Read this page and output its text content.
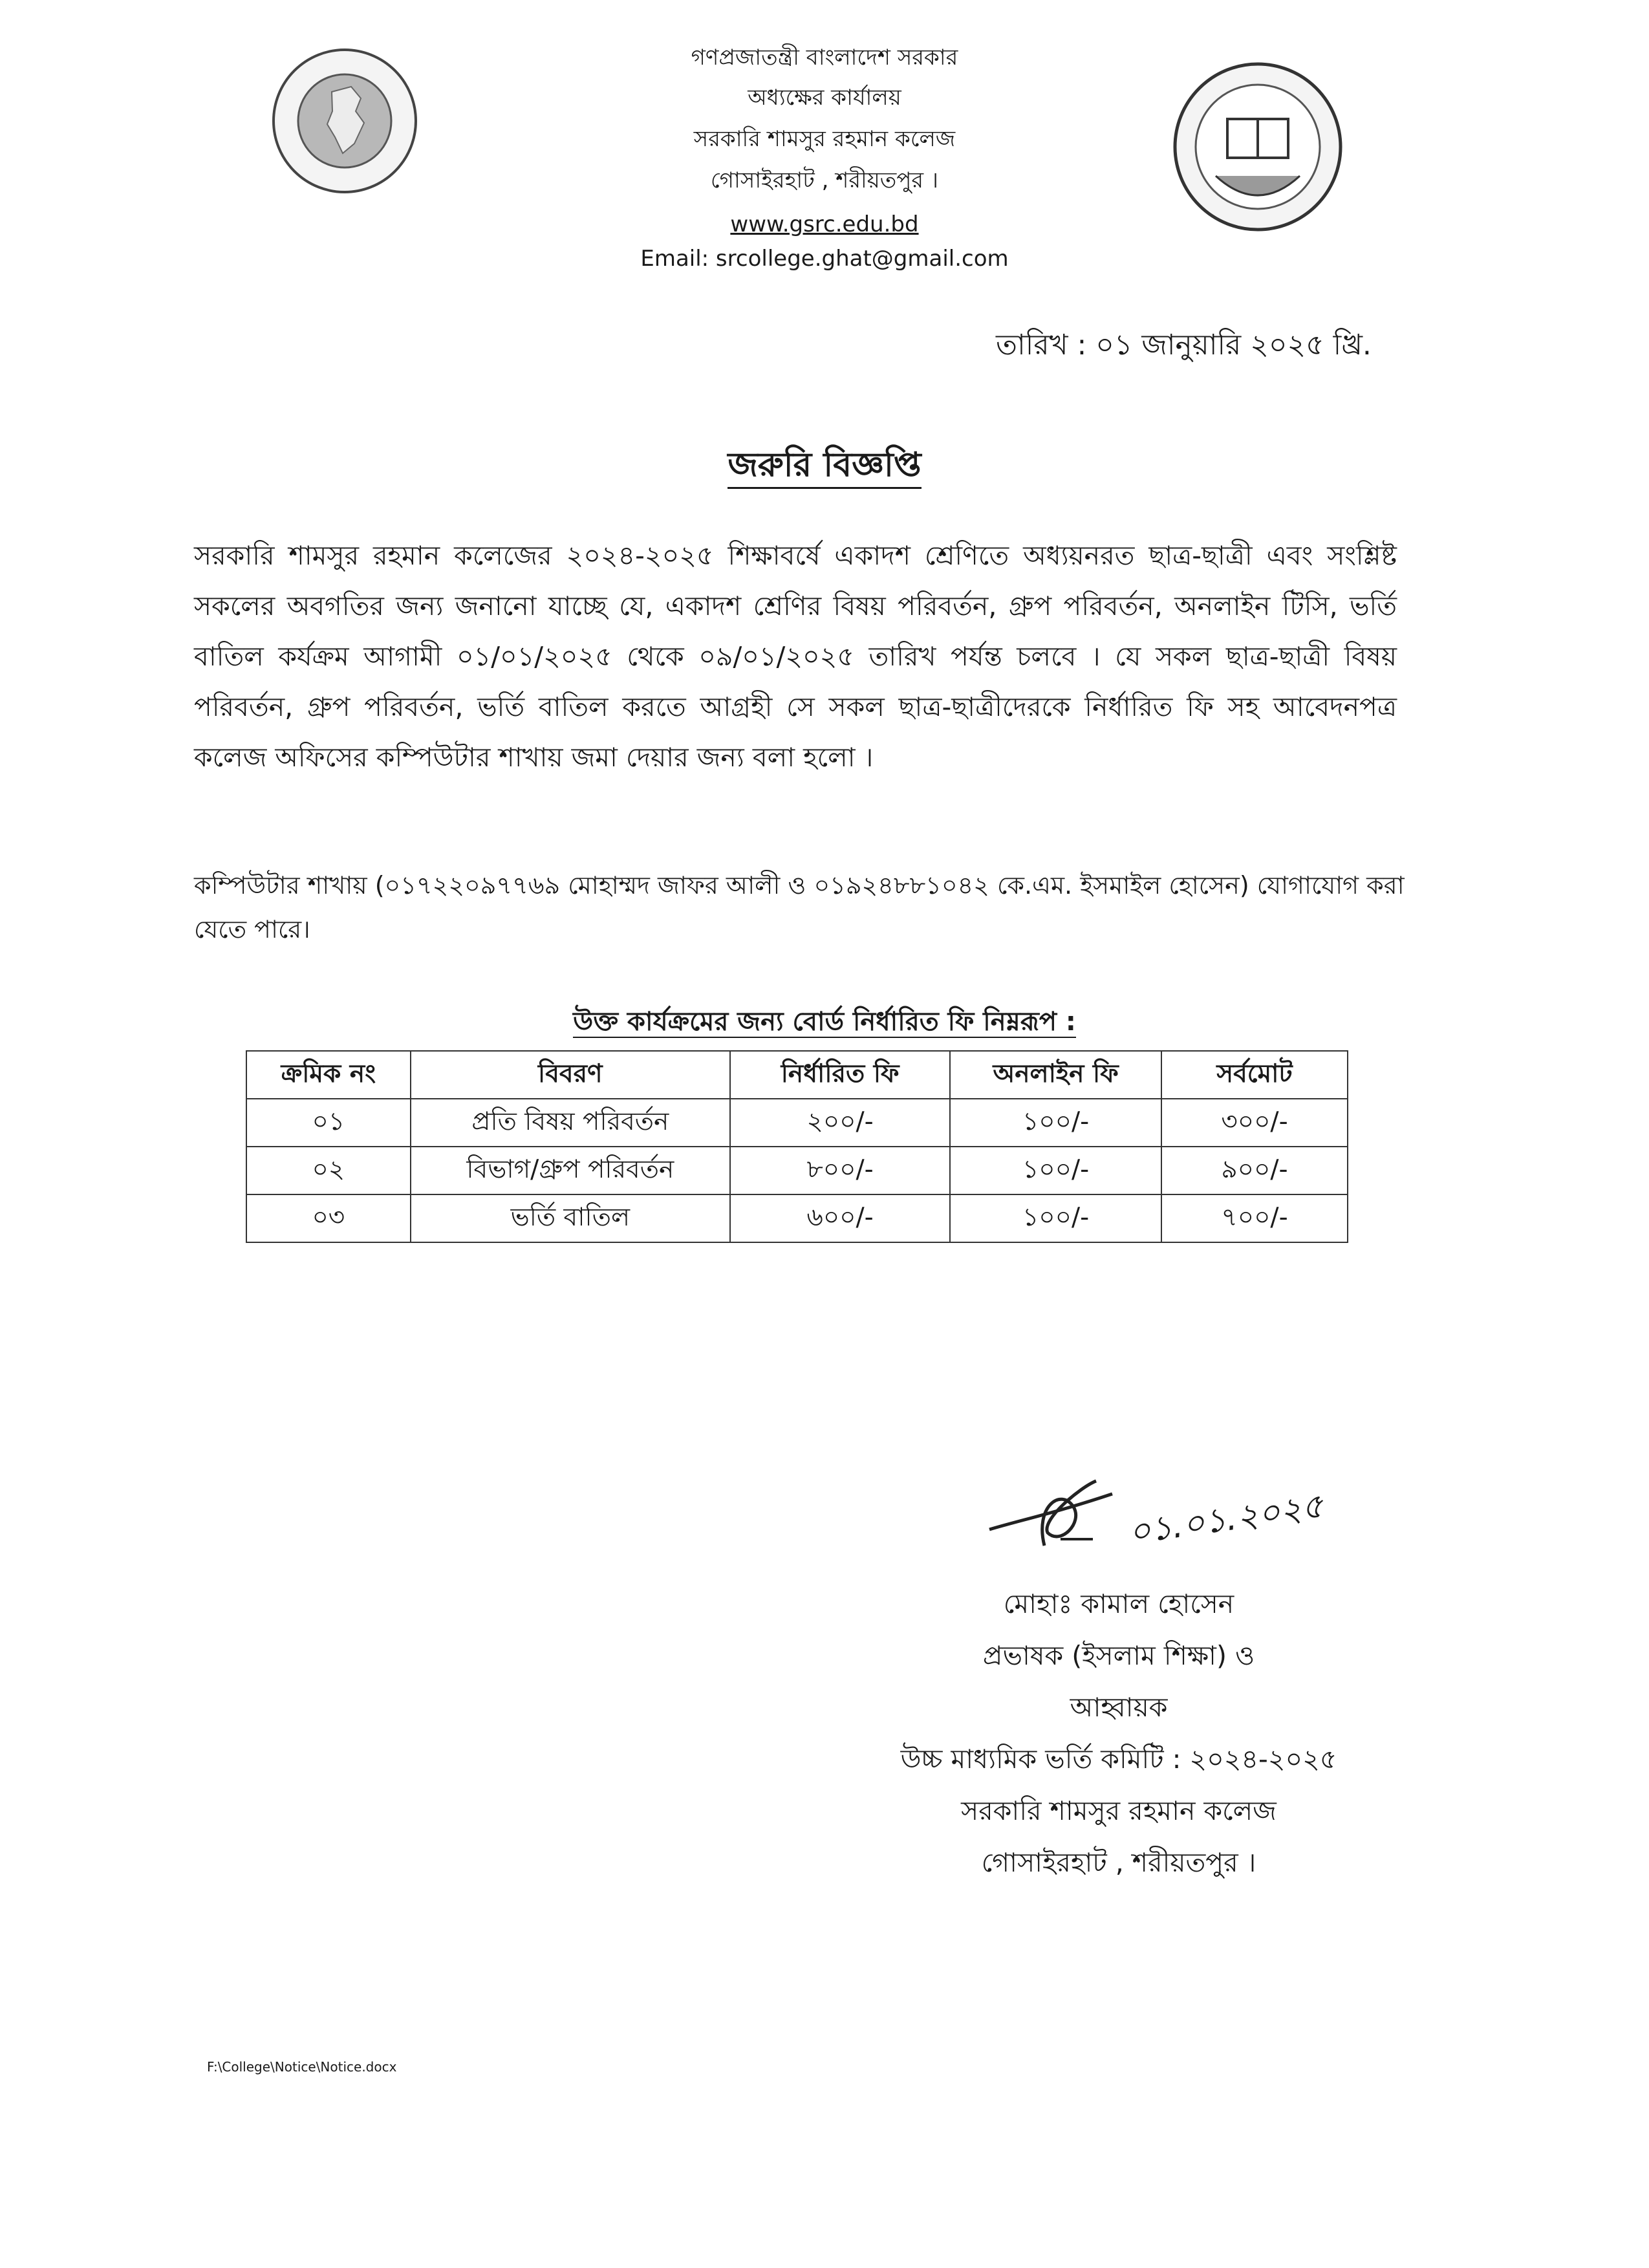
গণপ্রজাতন্ত্রী বাংলাদেশ সরকার
অধ্যক্ষের কার্যালয়
সরকারি শামসুর রহমান কলেজ
গোসাইরহাট , শরীয়তপুর ।
www.gsrc.edu.bd
Email: srcollege.ghat@gmail.com
তারিখ : ০১ জানুয়ারি ২০২৫ খ্রি.
জরুরি বিজ্ঞপ্তি
সরকারি শামসুর রহমান কলেজের ২০২৪-২০২৫ শিক্ষাবর্ষে একাদশ শ্রেণিতে অধ্যয়নরত ছাত্র-ছাত্রী এবং সংশ্লিষ্ট সকলের অবগতির জন্য জনানো যাচ্ছে যে, একাদশ শ্রেণির বিষয় পরিবর্তন, গ্রুপ পরিবর্তন, অনলাইন টিসি, ভর্তি বাতিল কর্যক্রম আগামী ০১/০১/২০২৫ থেকে ০৯/০১/২০২৫ তারিখ পর্যন্ত চলবে । যে সকল ছাত্র-ছাত্রী বিষয় পরিবর্তন, গ্রুপ পরিবর্তন, ভর্তি বাতিল করতে আগ্রহী সে সকল ছাত্র-ছাত্রীদেরকে নির্ধারিত ফি সহ আবেদনপত্র কলেজ অফিসের কম্পিউটার শাখায় জমা দেয়ার জন্য বলা হলো ।
কম্পিউটার শাখায় (০১৭২২০৯৭৭৬৯ মোহাম্মদ জাফর আলী ও ০১৯২৪৮৮১০৪২ কে.এম. ইসমাইল হোসেন) যোগাযোগ করা যেতে পারে।
উক্ত কার্যক্রমের জন্য বোর্ড নির্ধারিত ফি নিম্নরূপ :
ক্রমিক নং	বিবরণ	নির্ধারিত ফি	অনলাইন ফি	সর্বমোট
০১	প্রতি বিষয় পরিবর্তন	২০০/-	১০০/-	৩০০/-
০২	বিভাগ/গ্রুপ পরিবর্তন	৮০০/-	১০০/-	৯০০/-
০৩	ভর্তি বাতিল	৬০০/-	১০০/-	৭০০/-
০১.০১.২০২৫
মোহাঃ কামাল হোসেন
প্রভাষক (ইসলাম শিক্ষা) ও
আহ্বায়ক
উচ্চ মাধ্যমিক ভর্তি কমিটি : ২০২৪-২০২৫
সরকারি শামসুর রহমান কলেজ
গোসাইরহাট , শরীয়তপুর ।
F:\College\Notice\Notice.docx
